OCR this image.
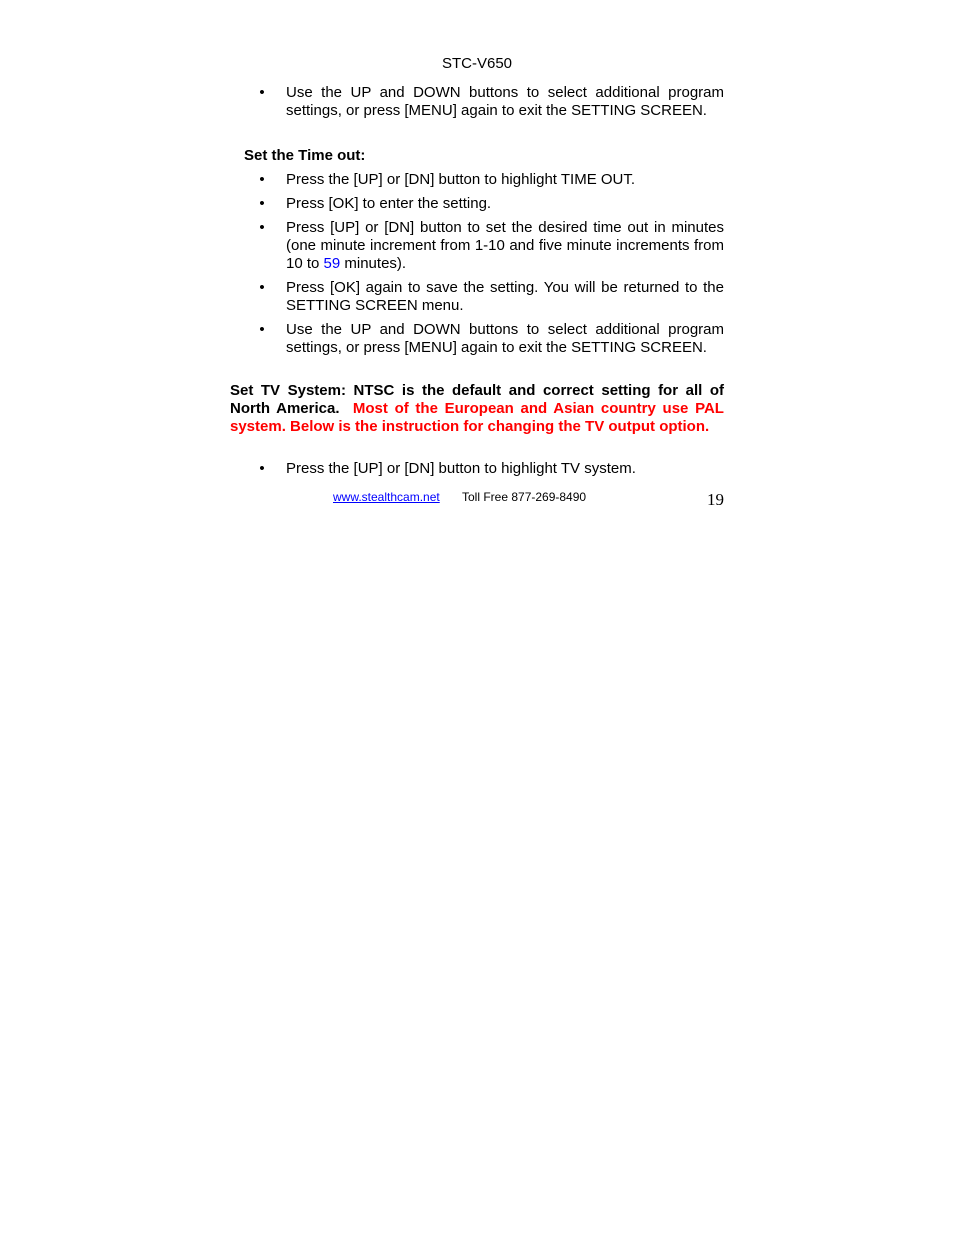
STC-V650
• Use the UP and DOWN buttons to select additional program settings, or press [MENU] again to exit the SETTING SCREEN.
Set the Time out:
• Press the [UP] or [DN] button to highlight TIME OUT.
• Press [OK] to enter the setting.
• Press [UP] or [DN] button to set the desired time out in minutes (one minute increment from 1-10 and five minute increments from 10 to 59 minutes).
• Press [OK] again to save the setting. You will be returned to the SETTING SCREEN menu.
• Use the UP and DOWN buttons to select additional program settings, or press [MENU] again to exit the SETTING SCREEN.
Set TV System: NTSC is the default and correct setting for all of North America. Most of the European and Asian country use PAL system. Below is the instruction for changing the TV output option.
• Press the [UP] or [DN] button to highlight TV system.
www.stealthcam.net Toll Free 877-269-8490	19
